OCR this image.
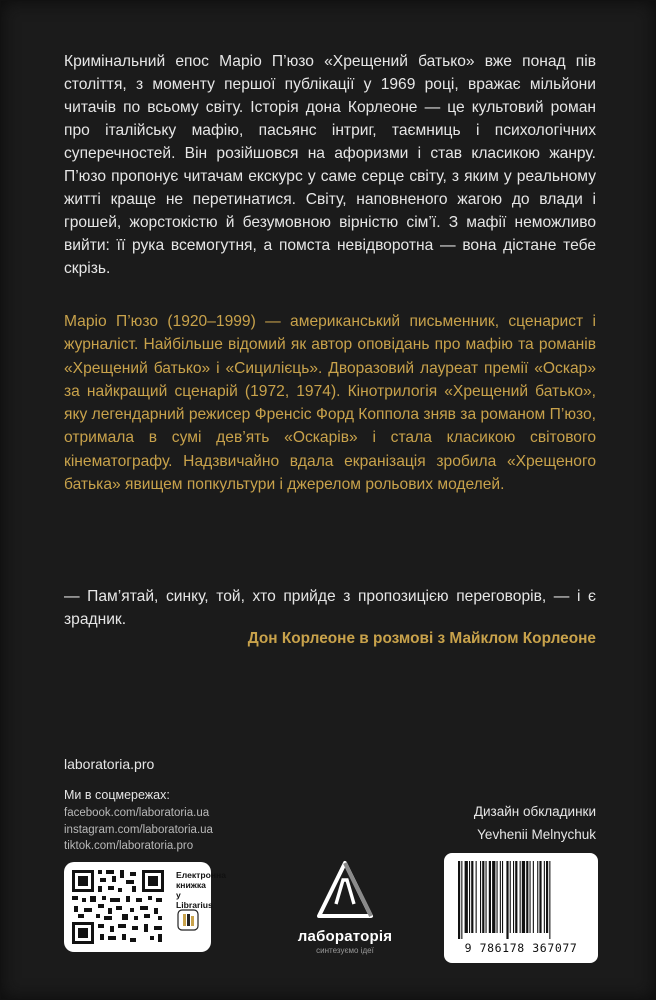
Кримінальний епос Маріо П’юзо «Хрещений батько» вже понад пів століття, з моменту першої публікації у 1969 році, вражає мільйони читачів по всьому світу. Історія дона Корлеоне — це культовий роман про італійську мафію, пасьянс інтриг, таємниць і психологічних суперечностей. Він розійшовся на афоризми і став класикою жанру. П’юзо пропонує читачам екскурс у саме серце світу, з яким у реальному житті краще не перетинатися. Світу, наповненого жагою до влади і грошей, жорстокістю й безумовною вірністю сім’ї. З мафії неможливо вийти: її рука всемогутня, а помста невідворотна — вона дістане тебе скрізь.

Маріо П’юзо (1920–1999) — американський письменник, сценарист і журналіст. Найбільше відомий як автор оповідань про мафію та романів «Хрещений батько» і «Сицилієць». Дворазовий лауреат премії «Оскар» за найкращий сценарій (1972, 1974). Кінотрилогія «Хрещений батько», яку легендарний режисер Френсіс Форд Коппола зняв за романом П’юзо, отримала в сумі дев’ять «Оскарів» і стала класикою світового кінематографу. Надзвичайно вдала екранізація зробила «Хрещеного батька» явищем попкультури і джерелом рольових моделей.

— Пам’ятай, синку, той, хто прийде з пропозицією переговорів, — і є зрадник.

Дон Корлеоне в розмові з Майклом Корлеоне

laboratoria.pro

Ми в соцмережах:

facebook.com/laboratoria.ua
instagram.com/laboratoria.ua
tiktok.com/laboratoria.pro
Дизайн обкладинки
Yevhenii Melnychuk
Електронна
книжка
у Librarius
лабораторія
синтезуємо ідеї	9 786178 367077
